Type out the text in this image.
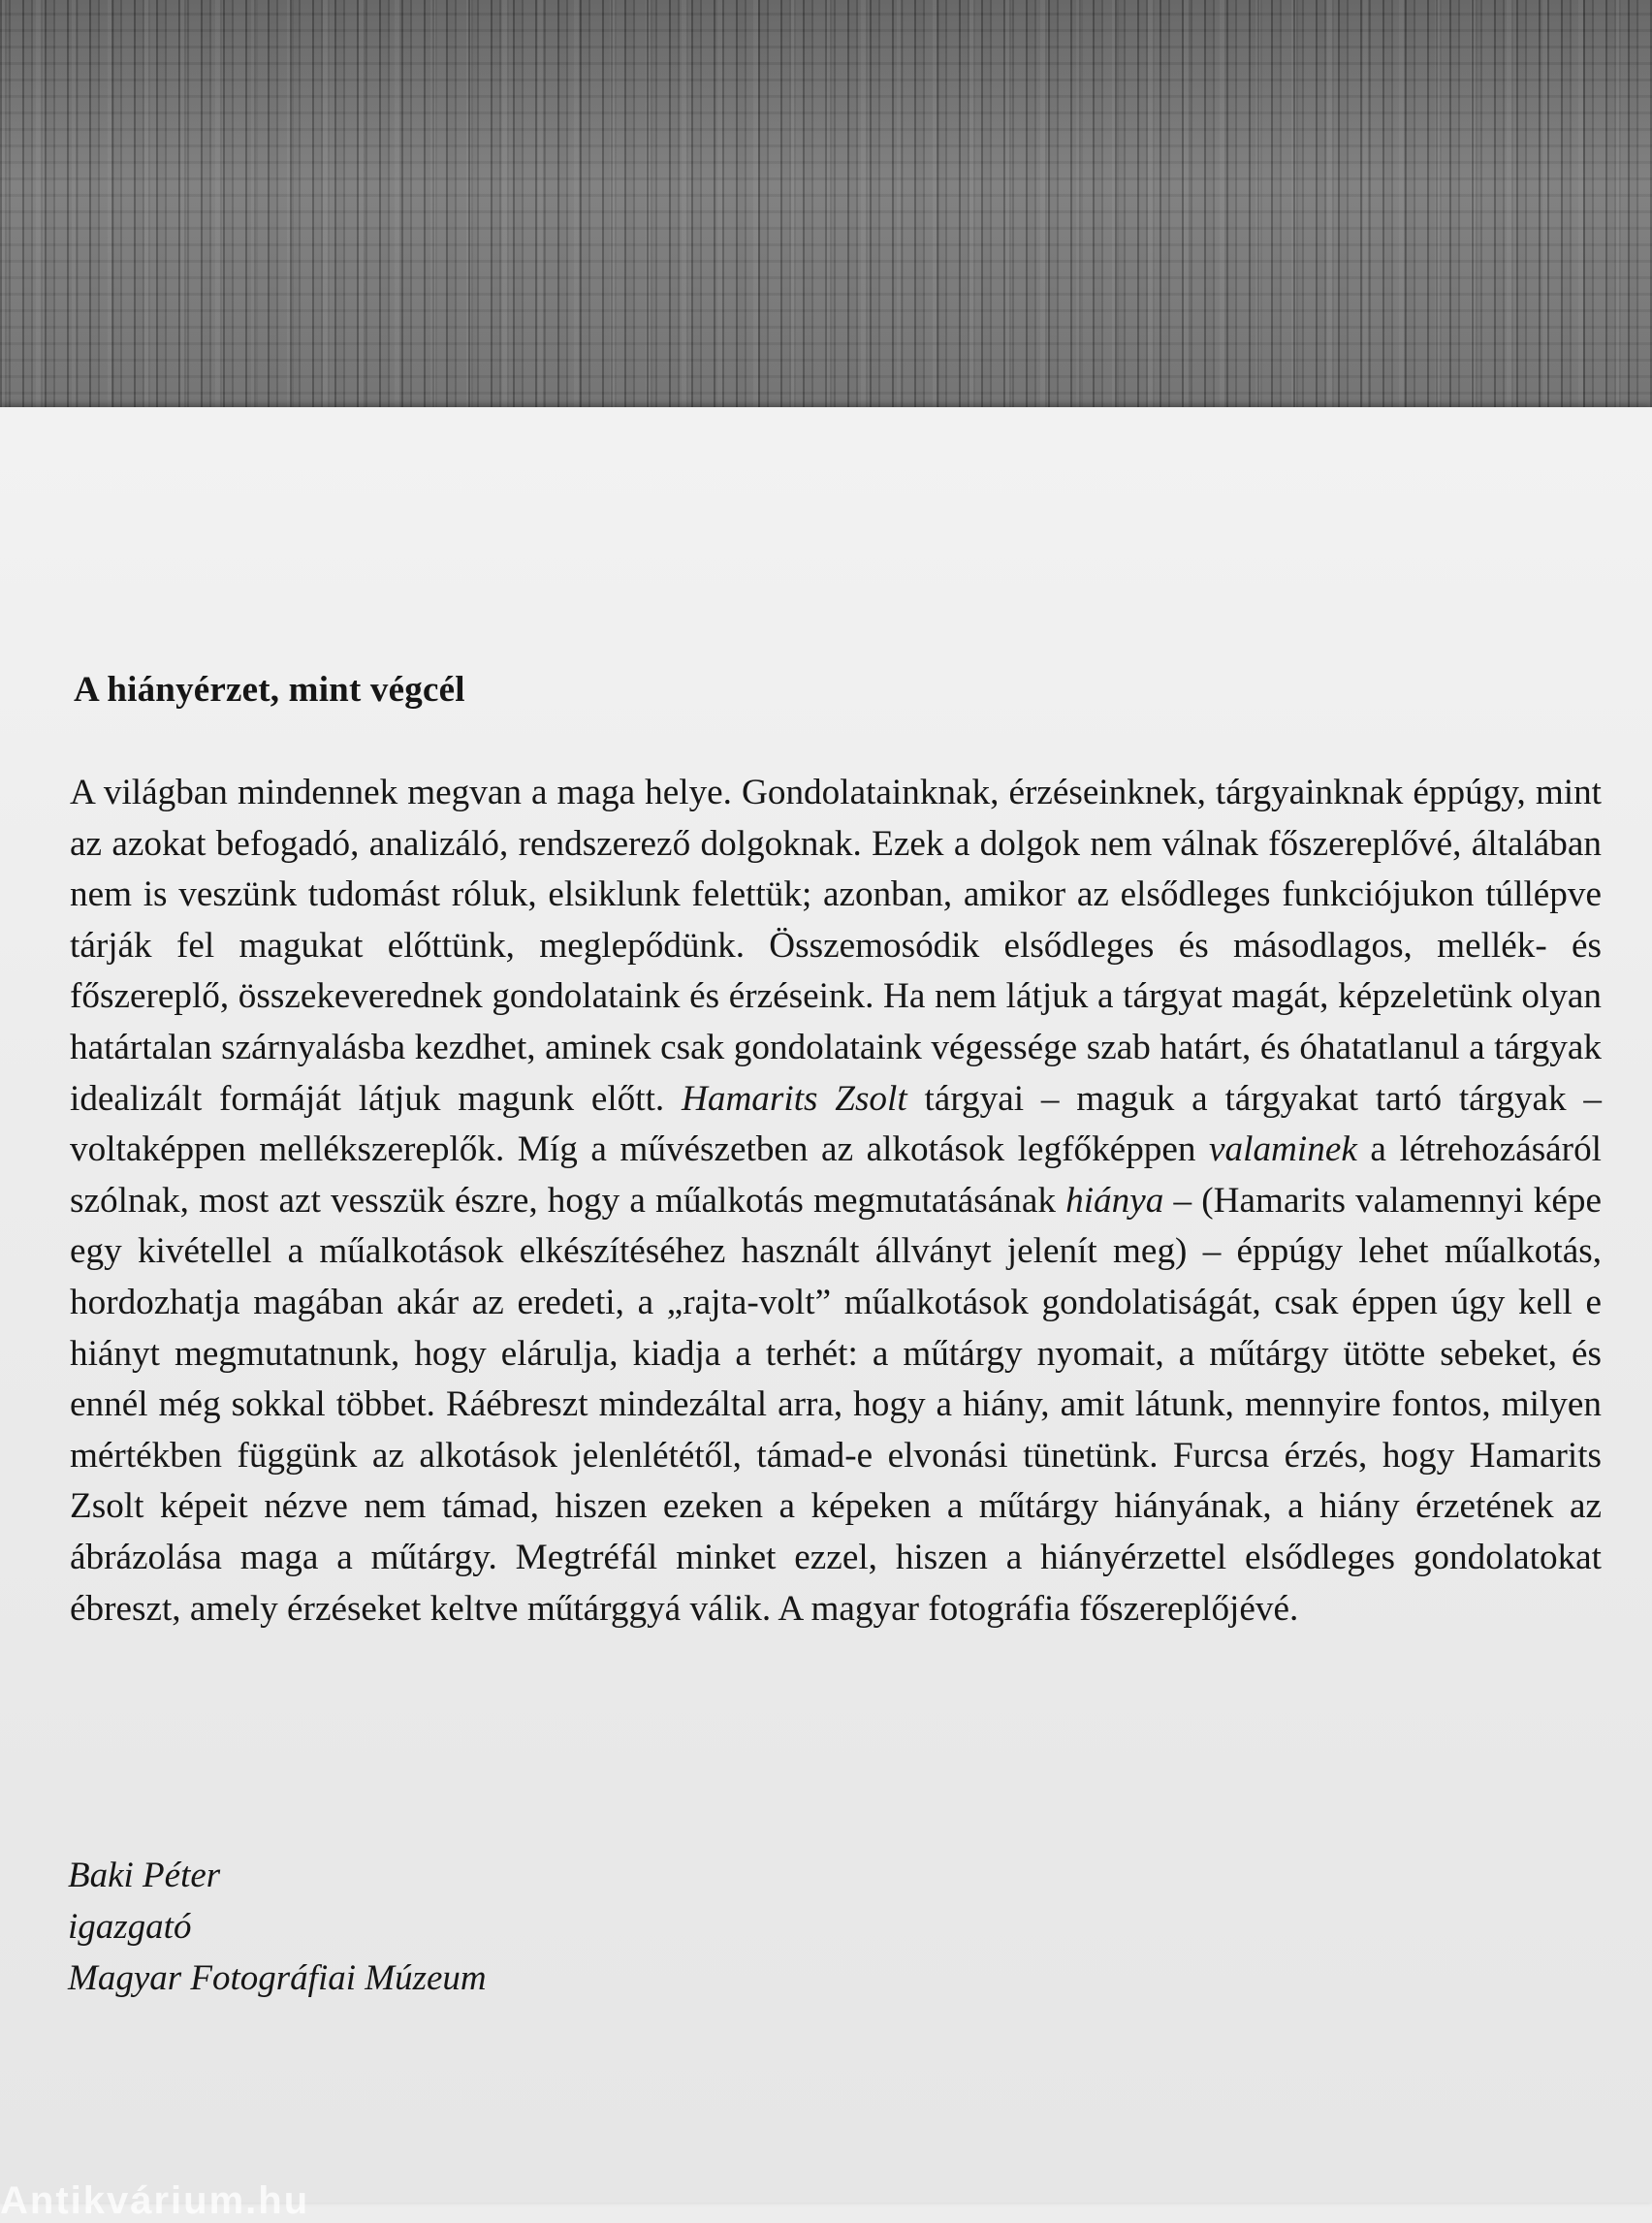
A hiányérzet, mint végcél

A világban mindennek megvan a maga helye. Gondolatainknak, érzéseinknek, tárgyainknak éppúgy, mint az azokat befogadó, analizáló, rendszerező dolgoknak. Ezek a dolgok nem válnak főszereplővé, általában nem is veszünk tudomást róluk, elsiklunk felettük; azonban, amikor az elsődleges funkciójukon túllépve tárják fel magukat előttünk, meglepődünk. Összemosódik elsődleges és másodlagos, mellék- és főszereplő, összekeverednek gondolataink és érzéseink. Ha nem látjuk a tárgyat magát, képzeletünk olyan határtalan szárnyalásba kezdhet, aminek csak gondolataink végessége szab határt, és óhatatlanul a tárgyak idealizált formáját látjuk magunk előtt. Hamarits Zsolt tárgyai – maguk a tárgyakat tartó tárgyak – voltaképpen mellékszereplők. Míg a művészetben az alkotások legfőképpen valaminek a létrehozásáról szólnak, most azt vesszük észre, hogy a műalkotás megmutatásának hiánya – (Hamarits valamennyi képe egy kivétellel a műalkotások elkészítéséhez használt állványt jelenít meg) – éppúgy lehet műalkotás, hordozhatja magában akár az eredeti, a „rajta-volt” műalkotások gondolatiságát, csak éppen úgy kell e hiányt megmutatnunk, hogy elárulja, kiadja a terhét: a műtárgy nyomait, a műtárgy ütötte sebeket, és ennél még sokkal többet. Ráébreszt mindezáltal arra, hogy a hiány, amit látunk, mennyire fontos, milyen mértékben függünk az alkotások jelenlététől, támad-e elvonási tünetünk. Furcsa érzés, hogy Hamarits Zsolt képeit nézve nem támad, hiszen ezeken a képeken a műtárgy hiányának, a hiány érzetének az ábrázolása maga a műtárgy. Megtréfál minket ezzel, hiszen a hiányérzettel elsődleges gondolatokat ébreszt, amely érzéseket keltve műtárggyá válik. A magyar fotográfia főszereplőjévé.

Baki Péter
igazgató
Magyar Fotográfiai Múzeum
Antikvárium.hu
